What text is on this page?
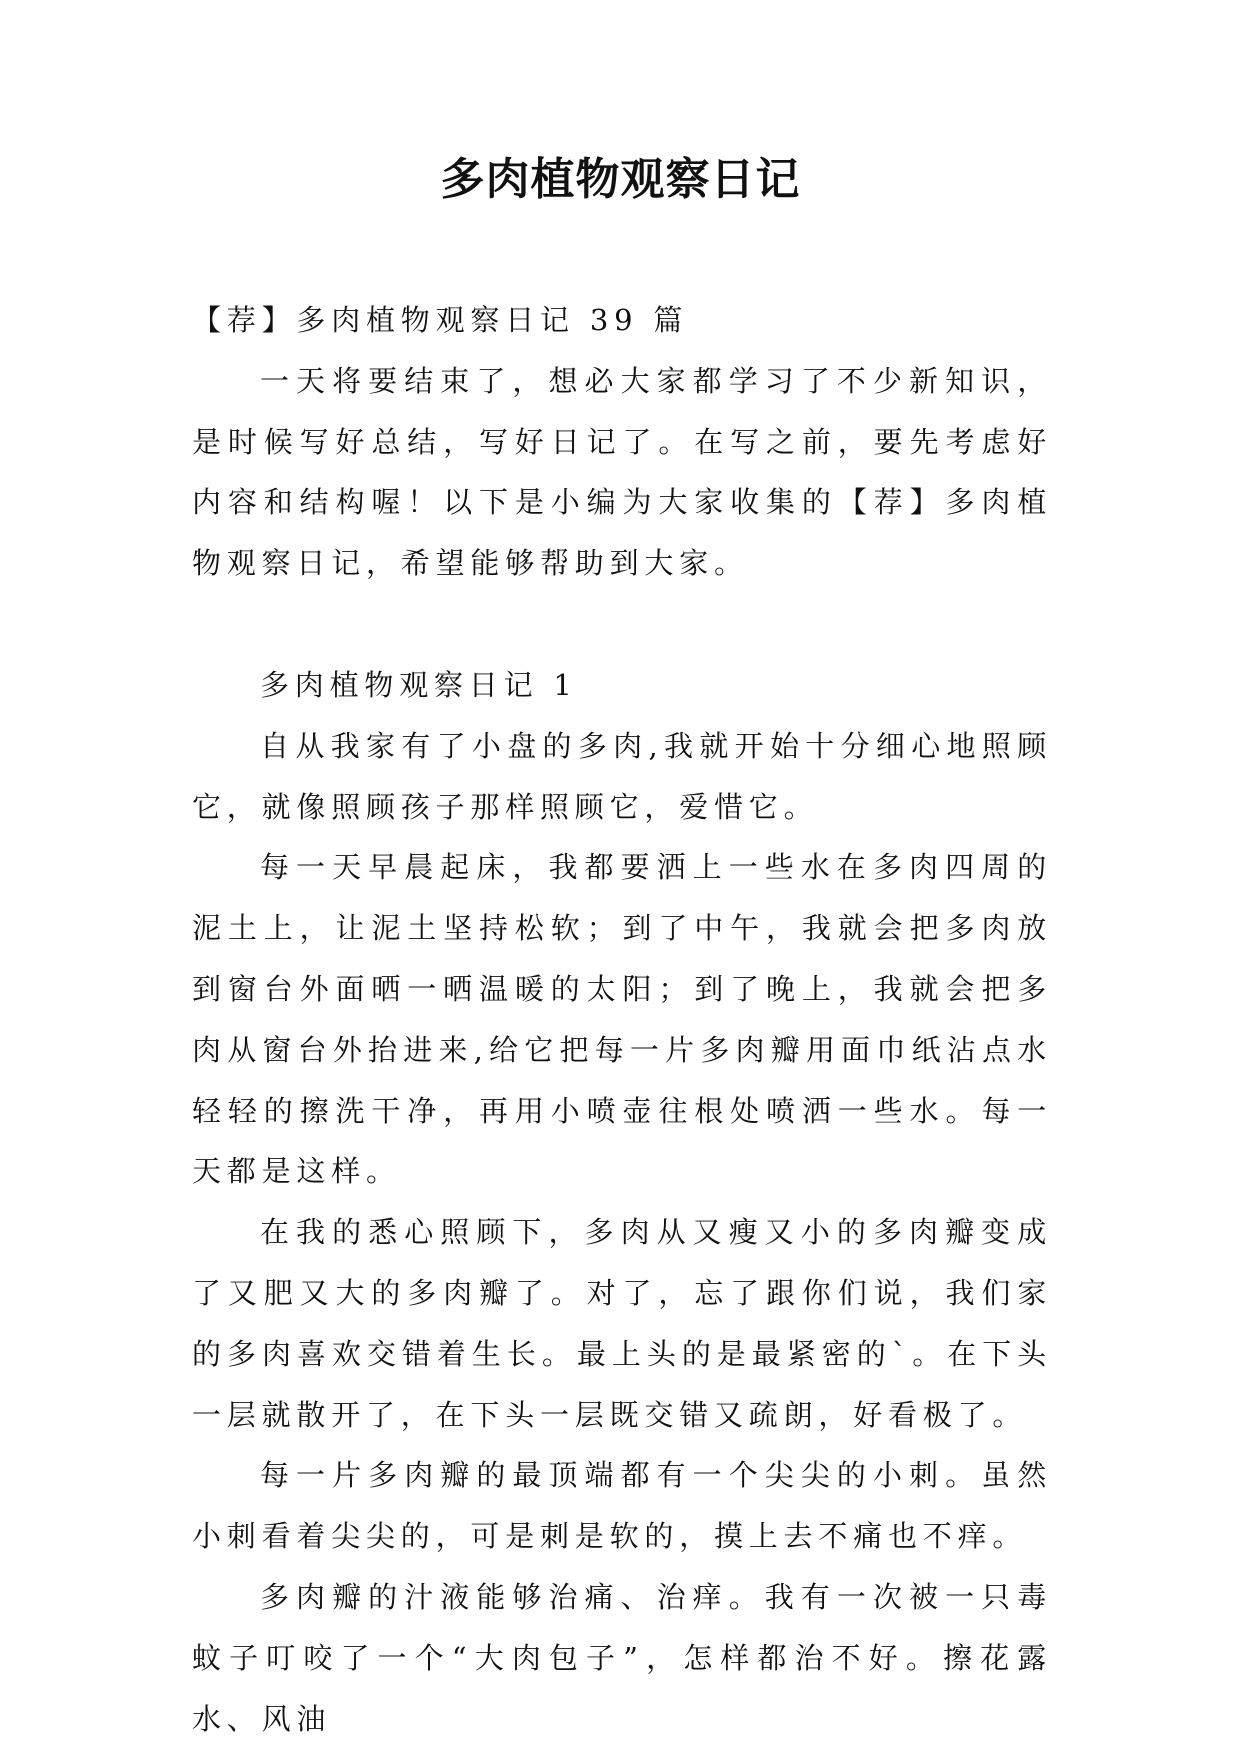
多肉植物观察日记

【荐】多肉植物观察日记 39 篇

一天将要结束了，想必大家都学习了不少新知识，是时候写好总结，写好日记了。在写之前，要先考虑好内容和结构喔！以下是小编为大家收集的【荐】多肉植物观察日记，希望能够帮助到大家。

多肉植物观察日记 1

自从我家有了小盘的多肉,我就开始十分细心地照顾它，就像照顾孩子那样照顾它，爱惜它。

每一天早晨起床，我都要洒上一些水在多肉四周的泥土上，让泥土坚持松软；到了中午，我就会把多肉放到窗台外面晒一晒温暖的太阳；到了晚上，我就会把多肉从窗台外抬进来,给它把每一片多肉瓣用面巾纸沾点水轻轻的擦洗干净，再用小喷壶往根处喷洒一些水。每一天都是这样。

在我的悉心照顾下，多肉从又瘦又小的多肉瓣变成了又肥又大的多肉瓣了。对了，忘了跟你们说，我们家的多肉喜欢交错着生长。最上头的是最紧密的`。在下头一层就散开了，在下头一层既交错又疏朗，好看极了。

每一片多肉瓣的最顶端都有一个尖尖的小刺。虽然小刺看着尖尖的，可是刺是软的，摸上去不痛也不痒。

多肉瓣的汁液能够治痛、治痒。我有一次被一只毒蚊子叮咬了一个“大肉包子”，怎样都治不好。擦花露水、风油
